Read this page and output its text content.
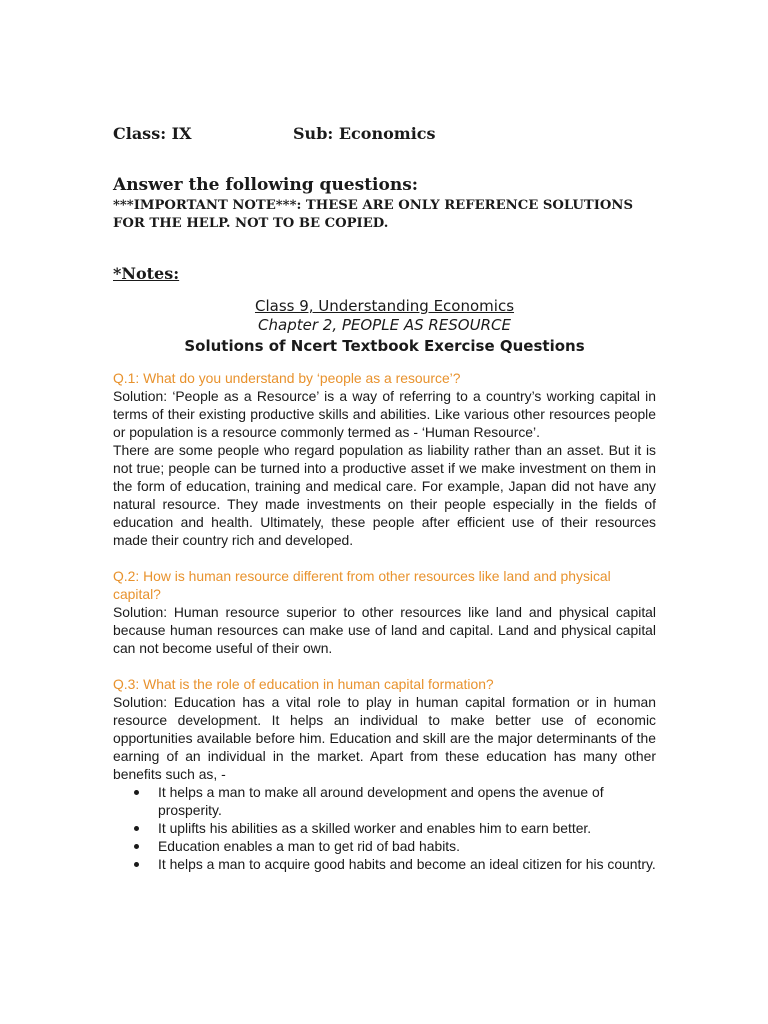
Class: IX	Sub: Economics
Answer the following questions:
***IMPORTANT NOTE***: THESE ARE ONLY REFERENCE SOLUTIONS FOR THE HELP. NOT TO BE COPIED.
*Notes:
Class 9, Understanding Economics
Chapter 2, PEOPLE AS RESOURCE
Solutions of Ncert Textbook Exercise Questions

Q.1: What do you understand by ‘people as a resource’?

Solution: ‘People as a Resource’ is a way of referring to a country’s working capital in terms of their existing productive skills and abilities. Like various other resources people or population is a resource commonly termed as - ‘Human Resource’.

There are some people who regard population as liability rather than an asset. But it is not true; people can be turned into a productive asset if we make investment on them in the form of education, training and medical care. For example, Japan did not have any natural resource. They made investments on their people especially in the fields of education and health. Ultimately, these people after efficient use of their resources made their country rich and developed.

Q.2: How is human resource different from other resources like land and physical capital?

Solution: Human resource superior to other resources like land and physical capital because human resources can make use of land and capital. Land and physical capital can not become useful of their own.

Q.3: What is the role of education in human capital formation?

Solution: Education has a vital role to play in human capital formation or in human resource development. It helps an individual to make better use of economic opportunities available before him. Education and skill are the major determinants of the earning of an individual in the market. Apart from these education has many other benefits such as, -

It helps a man to make all around development and opens the avenue of prosperity.
It uplifts his abilities as a skilled worker and enables him to earn better.
Education enables a man to get rid of bad habits.
It helps a man to acquire good habits and become an ideal citizen for his country.
